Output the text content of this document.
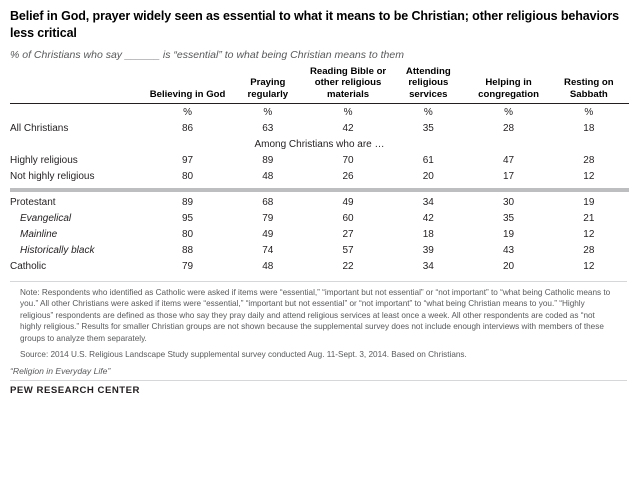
Belief in God, prayer widely seen as essential to what it means to be Christian; other religious behaviors less critical
% of Christians who say ______ is “essential” to what being Christian means to them
	Believing in God	Praying regularly	Reading Bible or other religious materials	Attending religious services	Helping in congregation	Resting on Sabbath
	%	%	%	%	%	%
All Christians	86	63	42	35	28	18
Among Christians who are …						
Highly religious	97	89	70	61	47	28
Not highly religious	80	48	26	20	17	12

Protestant	89	68	49	34	30	19
Evangelical	95	79	60	42	35	21
Mainline	80	49	27	18	19	12
Historically black	88	74	57	39	43	28
Catholic	79	48	22	34	20	12
Note: Respondents who identified as Catholic were asked if items were “essential,” “important but not essential” or “not important” to “what being Catholic means to you.” All other Christians were asked if items were “essential,” “important but not essential” or “not important” to “what being Christian means to you.” “Highly religious” respondents are defined as those who say they pray daily and attend religious services at least once a week. All other respondents are coded as “not highly religious.” Results for smaller Christian groups are not shown because the supplemental survey does not include enough interviews with members of these groups to analyze them separately.
Source: 2014 U.S. Religious Landscape Study supplemental survey conducted Aug. 11-Sept. 3, 2014. Based on Christians.
“Religion in Everyday Life”
PEW RESEARCH CENTER
